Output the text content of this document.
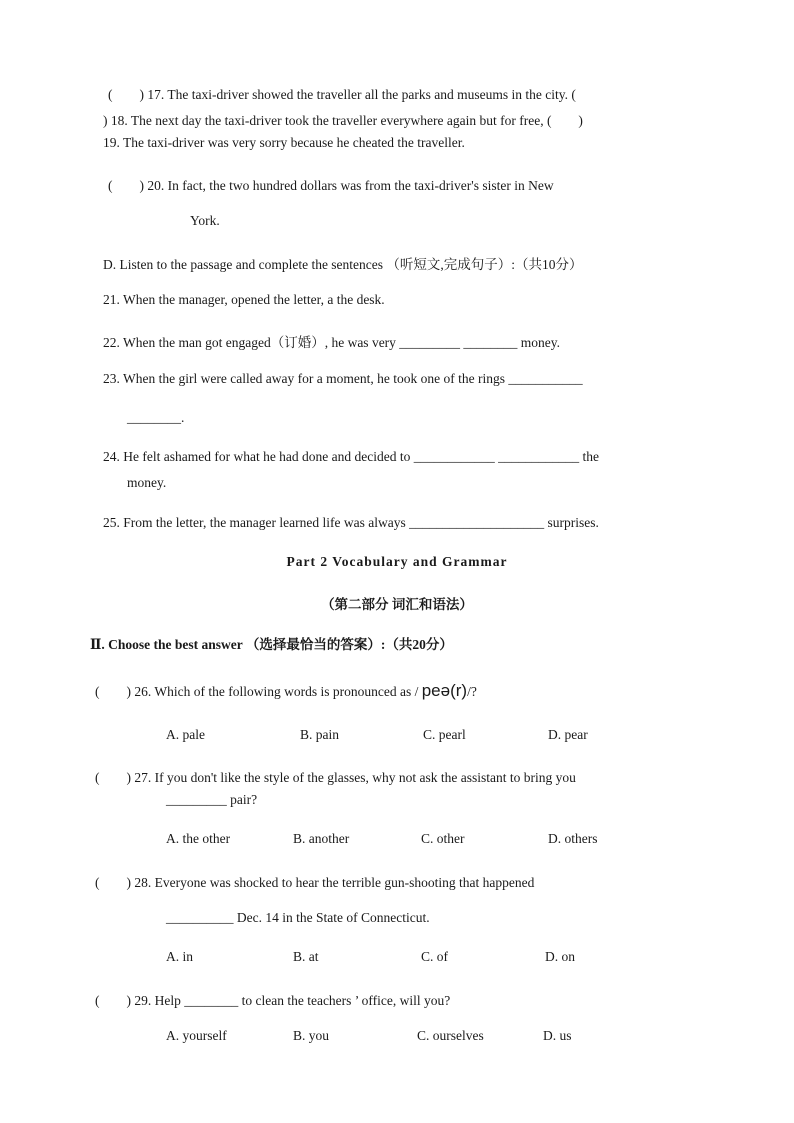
(　　) 17. The taxi-driver showed the traveller all the parks and museums in the city. (
) 18. The next day the taxi-driver took the traveller everywhere again but for free, (　　)
19. The taxi-driver was very sorry because he cheated the traveller.
(　　) 20. In fact, the two hundred dollars was from the taxi-driver's sister in New
York.
D. Listen to the passage and complete the sentences （听短文,完成句子）:（共10分）
21. When the manager, opened the letter, a the desk.
22. When the man got engaged（订婚）, he was very _________ ________ money.
23. When the girl were called away for a moment, he took one of the rings ___________
________.
24. He felt ashamed for what he had done and decided to ____________ ____________ the
money.
25. From the letter, the manager learned life was always ____________________ surprises.
Part 2 Vocabulary and Grammar
（第二部分 词汇和语法）
Ⅱ. Choose the best answer （选择最恰当的答案）:（共20分）
(　　) 26. Which of the following words is pronounced as / peə(r)/?
A. pale	B. pain	C. pearl	D. pear
(　　) 27. If you don't like the style of the glasses, why not ask the assistant to bring you
_________ pair?
A. the other	B. another	C. other	D. others
(　　) 28. Everyone was shocked to hear the terrible gun-shooting that happened
__________ Dec. 14 in the State of Connecticut.
A. in	B. at	C. of	D. on
(　　) 29. Help ________ to clean the teachers ’ office, will you?
A. yourself	B. you	C. ourselves	D. us
